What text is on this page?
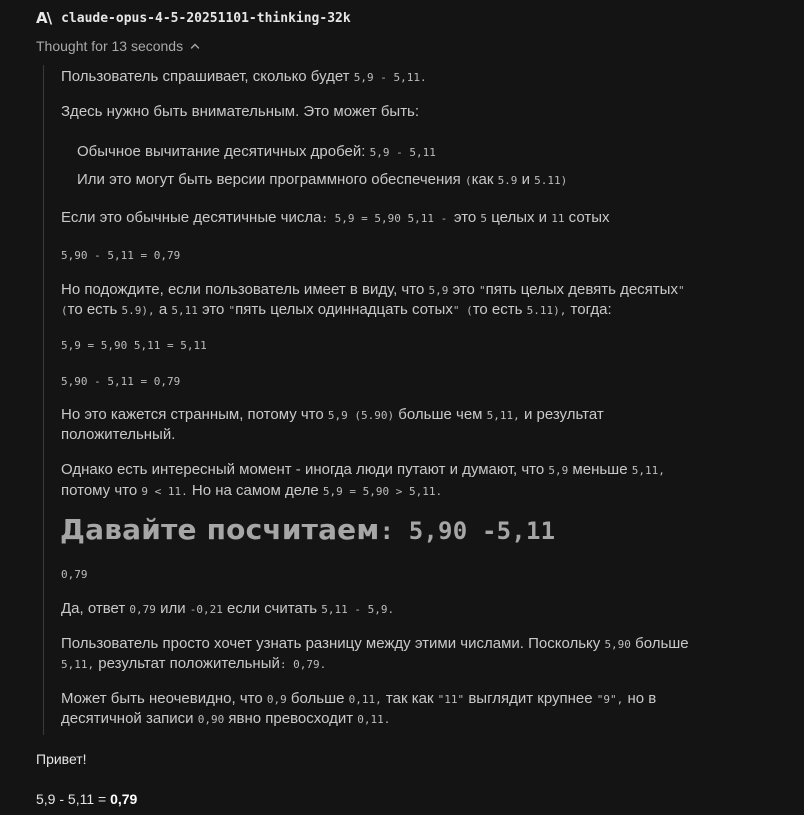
A\ claude-opus-4-5-20251101-thinking-32k
Thought for 13 seconds
Пользователь спрашивает, сколько будет 5,9 - 5,11.
Здесь нужно быть внимательным. Это может быть:
Обычное вычитание десятичных дробей: 5,9 - 5,11
Или это могут быть версии программного обеспечения (как 5.9 и 5.11)
Если это обычные десятичные числа: 5,9 = 5,90 5,11 - это 5 целых и 11 сотых
5,90 - 5,11 = 0,79
Но подождите, если пользователь имеет в виду, что 5,9 это "пять целых девять десятых"
(то есть 5.9), а 5,11 это "пять целых одиннадцать сотых" (то есть 5.11), тогда:
5,9 = 5,90 5,11 = 5,11
5,90 - 5,11 = 0,79
Но это кажется странным, потому что 5,9 (5.90) больше чем 5,11, и результат
положительный.
Однако есть интересный момент - иногда люди путают и думают, что 5,9 меньше 5,11,
потому что 9 < 11. Но на самом деле 5,9 = 5,90 > 5,11.
Давайте посчитаем: 5,90 -5,11
0,79
Да, ответ 0,79 или -0,21 если считать 5,11 - 5,9.
Пользователь просто хочет узнать разницу между этими числами. Поскольку 5,90 больше
5,11, результат положительный: 0,79.
Может быть неочевидно, что 0,9 больше 0,11, так как "11" выглядит крупнее "9", но в
десятичной записи 0,90 явно превосходит 0,11.
Привет!
5,9 - 5,11 = 0,79
